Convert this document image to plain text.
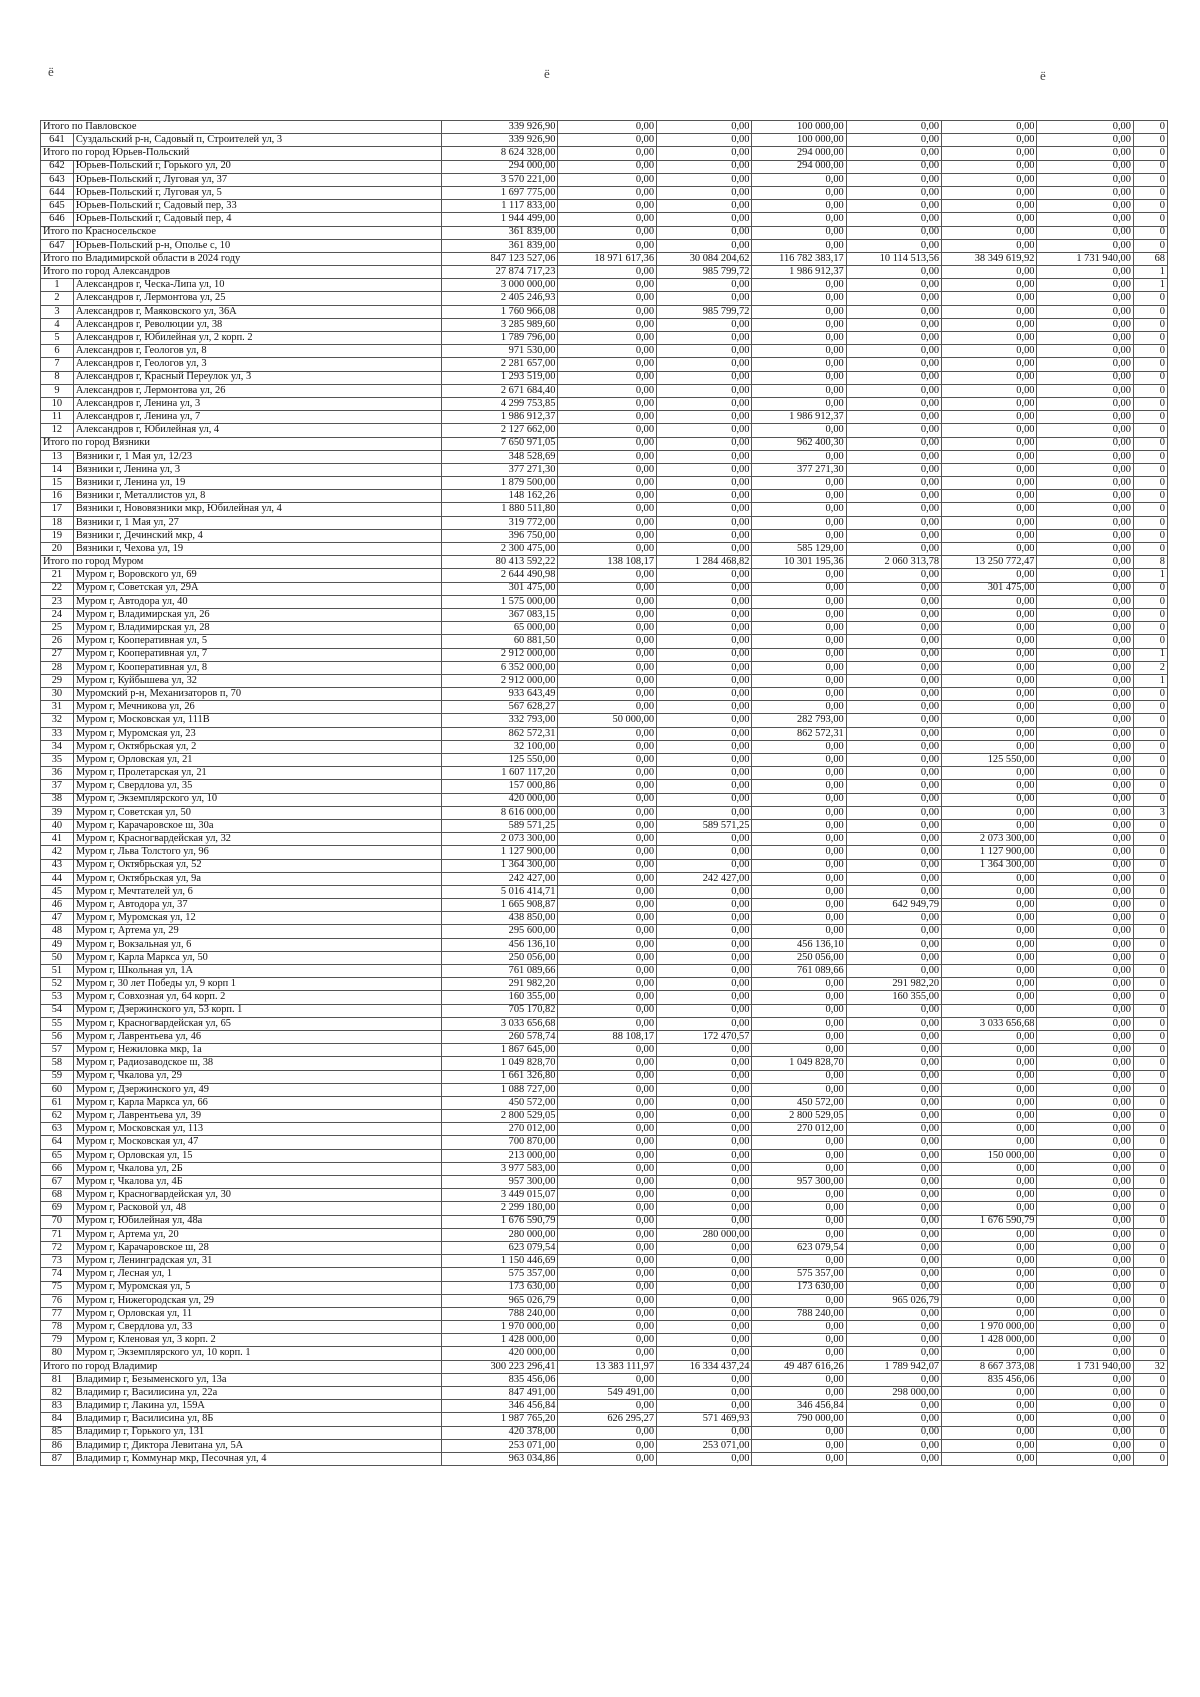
ё	ё	ё
Итого по Павловское		339 926,90	0,00	0,00	100 000,00	0,00	0,00	0,00	0
641	Суздальский р-н, Садовый п, Строителей ул, 3	339 926,90	0,00	0,00	100 000,00	0,00	0,00	0,00	0
Итого по город Юрьев-Польский		8 624 328,00	0,00	0,00	294 000,00	0,00	0,00	0,00	0
642	Юрьев-Польский г, Горького ул, 20	294 000,00	0,00	0,00	294 000,00	0,00	0,00	0,00	0
643	Юрьев-Польский г, Луговая ул, 37	3 570 221,00	0,00	0,00	0,00	0,00	0,00	0,00	0
644	Юрьев-Польский г, Луговая ул, 5	1 697 775,00	0,00	0,00	0,00	0,00	0,00	0,00	0
645	Юрьев-Польский г, Садовый пер, 33	1 117 833,00	0,00	0,00	0,00	0,00	0,00	0,00	0
646	Юрьев-Польский г, Садовый пер, 4	1 944 499,00	0,00	0,00	0,00	0,00	0,00	0,00	0
Итого по Красносельское		361 839,00	0,00	0,00	0,00	0,00	0,00	0,00	0
647	Юрьев-Польский р-н, Ополье с, 10	361 839,00	0,00	0,00	0,00	0,00	0,00	0,00	0
Итого по Владимирской области в 2024 году		847 123 527,06	18 971 617,36	30 084 204,62	116 782 383,17	10 114 513,56	38 349 619,92	1 731 940,00	68
Итого по город Александров		27 874 717,23	0,00	985 799,72	1 986 912,37	0,00	0,00	0,00	1
1	Александров г, Ческа-Липа ул, 10	3 000 000,00	0,00	0,00	0,00	0,00	0,00	0,00	1
2	Александров г, Лермонтова ул, 25	2 405 246,93	0,00	0,00	0,00	0,00	0,00	0,00	0
3	Александров г, Маяковского ул, 36А	1 760 966,08	0,00	985 799,72	0,00	0,00	0,00	0,00	0
4	Александров г, Революции ул, 38	3 285 989,60	0,00	0,00	0,00	0,00	0,00	0,00	0
5	Александров г, Юбилейная ул, 2 корп. 2	1 789 796,00	0,00	0,00	0,00	0,00	0,00	0,00	0
6	Александров г, Геологов ул, 8	971 530,00	0,00	0,00	0,00	0,00	0,00	0,00	0
7	Александров г, Геологов ул, 3	2 281 657,00	0,00	0,00	0,00	0,00	0,00	0,00	0
8	Александров г, Красный Переулок ул, 3	1 293 519,00	0,00	0,00	0,00	0,00	0,00	0,00	0
9	Александров г, Лермонтова ул, 26	2 671 684,40	0,00	0,00	0,00	0,00	0,00	0,00	0
10	Александров г, Ленина ул, 3	4 299 753,85	0,00	0,00	0,00	0,00	0,00	0,00	0
11	Александров г, Ленина ул, 7	1 986 912,37	0,00	0,00	1 986 912,37	0,00	0,00	0,00	0
12	Александров г, Юбилейная ул, 4	2 127 662,00	0,00	0,00	0,00	0,00	0,00	0,00	0
Итого по город Вязники		7 650 971,05	0,00	0,00	962 400,30	0,00	0,00	0,00	0
13	Вязники г, 1 Мая ул, 12/23	348 528,69	0,00	0,00	0,00	0,00	0,00	0,00	0
14	Вязники г, Ленина ул, 3	377 271,30	0,00	0,00	377 271,30	0,00	0,00	0,00	0
15	Вязники г, Ленина ул, 19	1 879 500,00	0,00	0,00	0,00	0,00	0,00	0,00	0
16	Вязники г, Металлистов ул, 8	148 162,26	0,00	0,00	0,00	0,00	0,00	0,00	0
17	Вязники г, Нововязники мкр, Юбилейная ул, 4	1 880 511,80	0,00	0,00	0,00	0,00	0,00	0,00	0
18	Вязники г, 1 Мая ул, 27	319 772,00	0,00	0,00	0,00	0,00	0,00	0,00	0
19	Вязники г, Дечинский мкр, 4	396 750,00	0,00	0,00	0,00	0,00	0,00	0,00	0
20	Вязники г, Чехова ул, 19	2 300 475,00	0,00	0,00	585 129,00	0,00	0,00	0,00	0
Итого по город Муром		80 413 592,22	138 108,17	1 284 468,82	10 301 195,36	2 060 313,78	13 250 772,47	0,00	8
21	Муром г, Воровского ул, 69	2 644 490,98	0,00	0,00	0,00	0,00	0,00	0,00	1
22	Муром г, Советская ул, 29А	301 475,00	0,00	0,00	0,00	0,00	301 475,00	0,00	0
23	Муром г, Автодора ул, 40	1 575 000,00	0,00	0,00	0,00	0,00	0,00	0,00	0
24	Муром г, Владимирская ул, 26	367 083,15	0,00	0,00	0,00	0,00	0,00	0,00	0
25	Муром г, Владимирская ул, 28	65 000,00	0,00	0,00	0,00	0,00	0,00	0,00	0
26	Муром г, Кооперативная ул, 5	60 881,50	0,00	0,00	0,00	0,00	0,00	0,00	0
27	Муром г, Кооперативная ул, 7	2 912 000,00	0,00	0,00	0,00	0,00	0,00	0,00	1
28	Муром г, Кооперативная ул, 8	6 352 000,00	0,00	0,00	0,00	0,00	0,00	0,00	2
29	Муром г, Куйбышева ул, 32	2 912 000,00	0,00	0,00	0,00	0,00	0,00	0,00	1
30	Муромский р-н, Механизаторов п, 70	933 643,49	0,00	0,00	0,00	0,00	0,00	0,00	0
31	Муром г, Мечникова ул, 26	567 628,27	0,00	0,00	0,00	0,00	0,00	0,00	0
32	Муром г, Московская ул, 111В	332 793,00	50 000,00	0,00	282 793,00	0,00	0,00	0,00	0
33	Муром г, Муромская ул, 23	862 572,31	0,00	0,00	862 572,31	0,00	0,00	0,00	0
34	Муром г, Октябрьская ул, 2	32 100,00	0,00	0,00	0,00	0,00	0,00	0,00	0
35	Муром г, Орловская ул, 21	125 550,00	0,00	0,00	0,00	0,00	125 550,00	0,00	0
36	Муром г, Пролетарская ул, 21	1 607 117,20	0,00	0,00	0,00	0,00	0,00	0,00	0
37	Муром г, Свердлова ул, 35	157 000,86	0,00	0,00	0,00	0,00	0,00	0,00	0
38	Муром г, Экземплярского ул, 10	420 000,00	0,00	0,00	0,00	0,00	0,00	0,00	0
39	Муром г, Советская ул, 50	8 616 000,00	0,00	0,00	0,00	0,00	0,00	0,00	3
40	Муром г, Карачаровское ш, 30а	589 571,25	0,00	589 571,25	0,00	0,00	0,00	0,00	0
41	Муром г, Красногвардейская ул, 32	2 073 300,00	0,00	0,00	0,00	0,00	2 073 300,00	0,00	0
42	Муром г, Льва Толстого ул, 96	1 127 900,00	0,00	0,00	0,00	0,00	1 127 900,00	0,00	0
43	Муром г, Октябрьская ул, 52	1 364 300,00	0,00	0,00	0,00	0,00	1 364 300,00	0,00	0
44	Муром г, Октябрьская ул, 9а	242 427,00	0,00	242 427,00	0,00	0,00	0,00	0,00	0
45	Муром г, Мечтателей ул, 6	5 016 414,71	0,00	0,00	0,00	0,00	0,00	0,00	0
46	Муром г, Автодора ул, 37	1 665 908,87	0,00	0,00	0,00	642 949,79	0,00	0,00	0
47	Муром г, Муромская ул, 12	438 850,00	0,00	0,00	0,00	0,00	0,00	0,00	0
48	Муром г, Артема ул, 29	295 600,00	0,00	0,00	0,00	0,00	0,00	0,00	0
49	Муром г, Вокзальная ул, 6	456 136,10	0,00	0,00	456 136,10	0,00	0,00	0,00	0
50	Муром г, Карла Маркса ул, 50	250 056,00	0,00	0,00	250 056,00	0,00	0,00	0,00	0
51	Муром г, Школьная ул, 1А	761 089,66	0,00	0,00	761 089,66	0,00	0,00	0,00	0
52	Муром г, 30 лет Победы ул, 9 корп 1	291 982,20	0,00	0,00	0,00	291 982,20	0,00	0,00	0
53	Муром г, Совхозная ул, 64 корп. 2	160 355,00	0,00	0,00	0,00	160 355,00	0,00	0,00	0
54	Муром г, Дзержинского ул, 53 корп. 1	705 170,82	0,00	0,00	0,00	0,00	0,00	0,00	0
55	Муром г, Красногвардейская ул, 65	3 033 656,68	0,00	0,00	0,00	0,00	3 033 656,68	0,00	0
56	Муром г, Лаврентьева ул, 46	260 578,74	88 108,17	172 470,57	0,00	0,00	0,00	0,00	0
57	Муром г, Нежиловка мкр, 1а	1 867 645,00	0,00	0,00	0,00	0,00	0,00	0,00	0
58	Муром г, Радиозаводское ш, 38	1 049 828,70	0,00	0,00	1 049 828,70	0,00	0,00	0,00	0
59	Муром г, Чкалова ул, 29	1 661 326,80	0,00	0,00	0,00	0,00	0,00	0,00	0
60	Муром г, Дзержинского ул, 49	1 088 727,00	0,00	0,00	0,00	0,00	0,00	0,00	0
61	Муром г, Карла Маркса ул, 66	450 572,00	0,00	0,00	450 572,00	0,00	0,00	0,00	0
62	Муром г, Лаврентьева ул, 39	2 800 529,05	0,00	0,00	2 800 529,05	0,00	0,00	0,00	0
63	Муром г, Московская ул, 113	270 012,00	0,00	0,00	270 012,00	0,00	0,00	0,00	0
64	Муром г, Московская ул, 47	700 870,00	0,00	0,00	0,00	0,00	0,00	0,00	0
65	Муром г, Орловская ул, 15	213 000,00	0,00	0,00	0,00	0,00	150 000,00	0,00	0
66	Муром г, Чкалова ул, 2Б	3 977 583,00	0,00	0,00	0,00	0,00	0,00	0,00	0
67	Муром г, Чкалова ул, 4Б	957 300,00	0,00	0,00	957 300,00	0,00	0,00	0,00	0
68	Муром г, Красногвардейская ул, 30	3 449 015,07	0,00	0,00	0,00	0,00	0,00	0,00	0
69	Муром г, Расковой ул, 48	2 299 180,00	0,00	0,00	0,00	0,00	0,00	0,00	0
70	Муром г, Юбилейная ул, 48а	1 676 590,79	0,00	0,00	0,00	0,00	1 676 590,79	0,00	0
71	Муром г, Артема ул, 20	280 000,00	0,00	280 000,00	0,00	0,00	0,00	0,00	0
72	Муром г, Карачаровское ш, 28	623 079,54	0,00	0,00	623 079,54	0,00	0,00	0,00	0
73	Муром г, Ленинградская ул, 31	1 150 446,69	0,00	0,00	0,00	0,00	0,00	0,00	0
74	Муром г, Лесная ул, 1	575 357,00	0,00	0,00	575 357,00	0,00	0,00	0,00	0
75	Муром г, Муромская ул, 5	173 630,00	0,00	0,00	173 630,00	0,00	0,00	0,00	0
76	Муром г, Нижегородская ул, 29	965 026,79	0,00	0,00	0,00	965 026,79	0,00	0,00	0
77	Муром г, Орловская ул, 11	788 240,00	0,00	0,00	788 240,00	0,00	0,00	0,00	0
78	Муром г, Свердлова ул, 33	1 970 000,00	0,00	0,00	0,00	0,00	1 970 000,00	0,00	0
79	Муром г, Кленовая ул, 3 корп. 2	1 428 000,00	0,00	0,00	0,00	0,00	1 428 000,00	0,00	0
80	Муром г, Экземплярского ул, 10 корп. 1	420 000,00	0,00	0,00	0,00	0,00	0,00	0,00	0
Итого по город Владимир		300 223 296,41	13 383 111,97	16 334 437,24	49 487 616,26	1 789 942,07	8 667 373,08	1 731 940,00	32
81	Владимир г, Безыменского ул, 13а	835 456,06	0,00	0,00	0,00	0,00	835 456,06	0,00	0
82	Владимир г, Василисина ул, 22а	847 491,00	549 491,00	0,00	0,00	298 000,00	0,00	0,00	0
83	Владимир г, Лакина ул, 159А	346 456,84	0,00	0,00	346 456,84	0,00	0,00	0,00	0
84	Владимир г, Василисина ул, 8Б	1 987 765,20	626 295,27	571 469,93	790 000,00	0,00	0,00	0,00	0
85	Владимир г, Горького ул, 131	420 378,00	0,00	0,00	0,00	0,00	0,00	0,00	0
86	Владимир г, Диктора Левитана ул, 5А	253 071,00	0,00	253 071,00	0,00	0,00	0,00	0,00	0
87	Владимир г, Коммунар мкр, Песочная ул, 4	963 034,86	0,00	0,00	0,00	0,00	0,00	0,00	0
